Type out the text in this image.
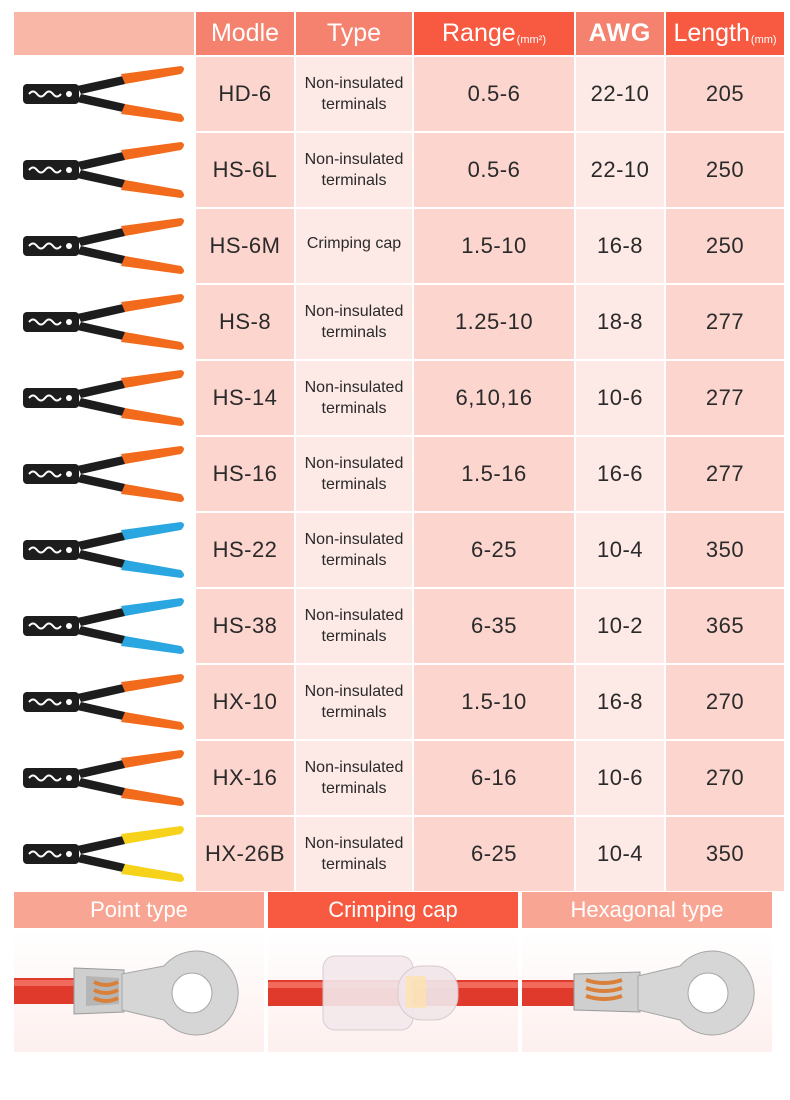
Modle Type Range$_{(mm^2)}$ AWG Length$_{(mm)}$
HD-6	Non-insulated terminals	0.5-6	22-10	205
HS-6L	Non-insulated terminals	0.5-6	22-10	250
HS-6M	Crimping cap	1.5-10	16-8	250
HS-8	Non-insulated terminals	1.25-10	18-8	277
HS-14	Non-insulated terminals	6,10,16	10-6	277
HS-16	Non-insulated terminals	1.5-16	16-6	277
HS-22	Non-insulated terminals	6-25	10-4	350
HS-38	Non-insulated terminals	6-35	10-2	365
HX-10	Non-insulated terminals	1.5-10	16-8	270
HX-16	Non-insulated terminals	6-16	10-6	270
HX-26B	Non-insulated terminals	6-25	10-4	350
Point type	Crimping cap	Hexagonal type
